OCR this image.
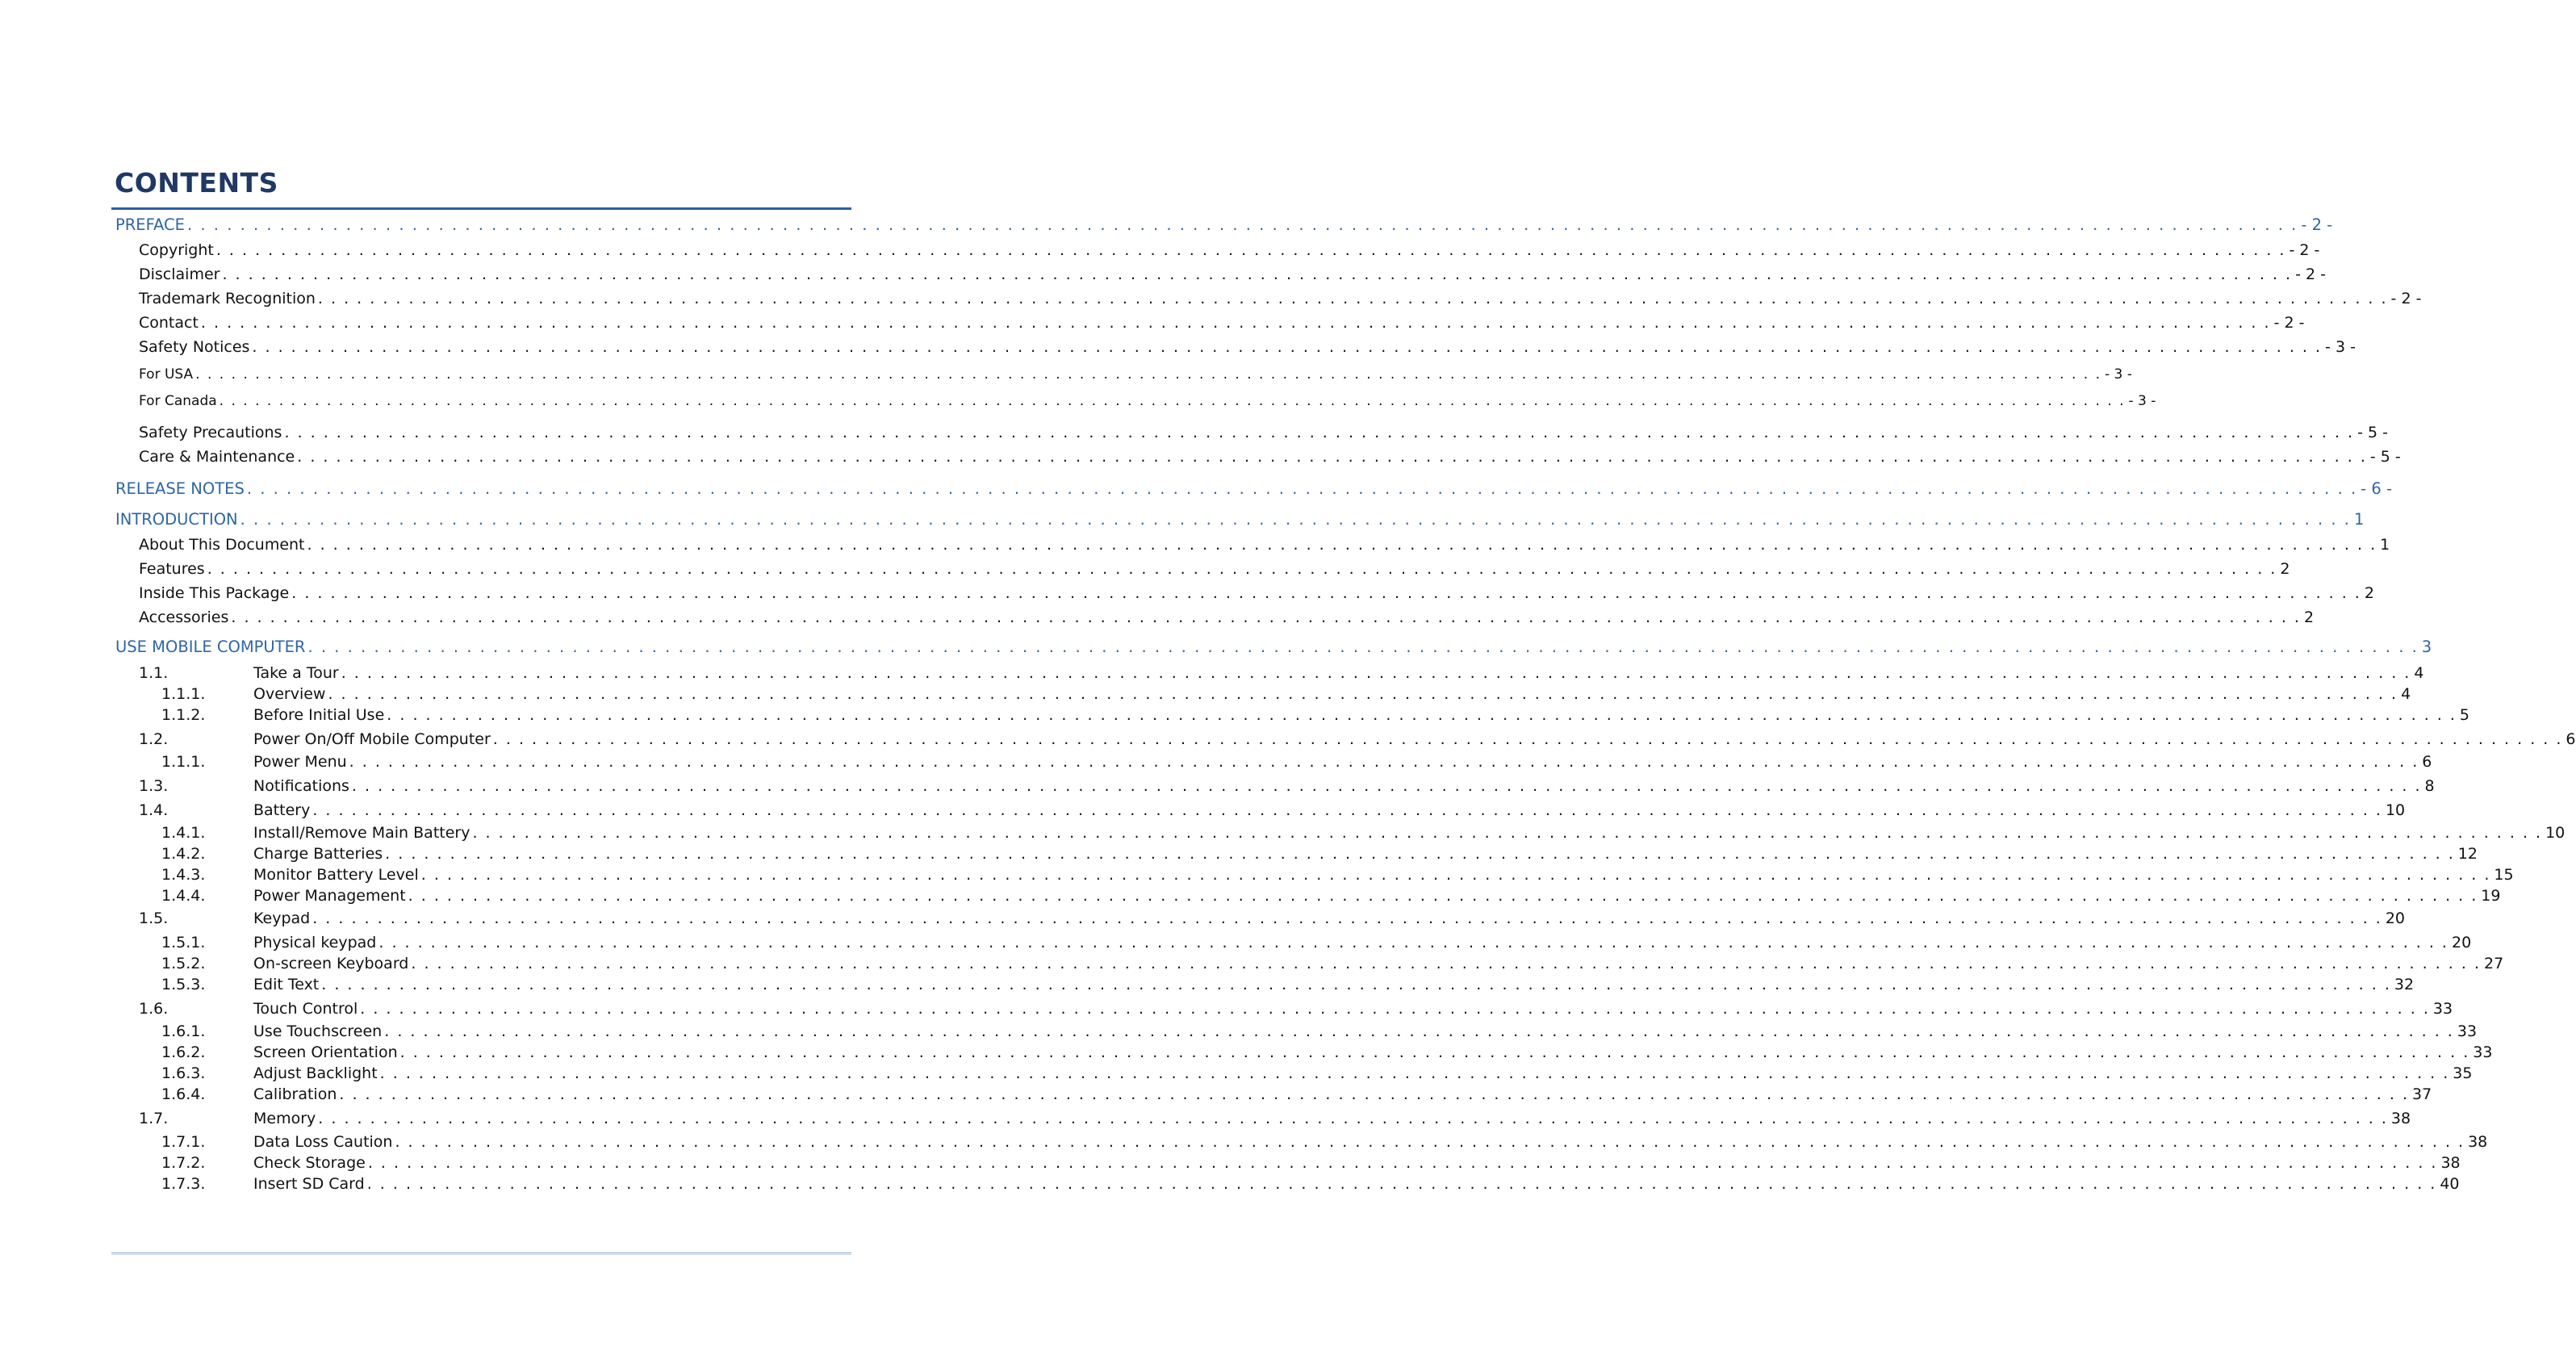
CONTENTS
PREFACE . . . . . . . . . . . . . . . . . . . . . . . . . . . . . . . . . . . . . . . . . . . . . . . . . . . . . . . . . . . . . . . . . . . . . . . . . . . . . . . . . . . . . . . . . . . . . . . . . . . . . . . . . . . . . . . . . . . . . . . . . . . . . . . . . . . . . . . . . . . . . . . . . . . . . . . . . . . . . . . . - 2 -
Copyright . . . . . . . . . . . . . . . . . . . . . . . . . . . . . . . . . . . . . . . . . . . . . . . . . . . . . . . . . . . . . . . . . . . . . . . . . . . . . . . . . . . . . . . . . . . . . . . . . . . . . . . . . . . . . . . . . . . . . . . . . . . . . . . . . . . . . . . . . . . . . . . . . . . . . . . . . . . . . . . . - 2 -
Disclaimer . . . . . . . . . . . . . . . . . . . . . . . . . . . . . . . . . . . . . . . . . . . . . . . . . . . . . . . . . . . . . . . . . . . . . . . . . . . . . . . . . . . . . . . . . . . . . . . . . . . . . . . . . . . . . . . . . . . . . . . . . . . . . . . . . . . . . . . . . . . . . . . . . . . . . . . . . . . . . . . . - 2 -
Trademark Recognition . . . . . . . . . . . . . . . . . . . . . . . . . . . . . . . . . . . . . . . . . . . . . . . . . . . . . . . . . . . . . . . . . . . . . . . . . . . . . . . . . . . . . . . . . . . . . . . . . . . . . . . . . . . . . . . . . . . . . . . . . . . . . . . . . . . . . . . . . . . . . . . . . . . . . . . . . . . . . . . . - 2 -
Contact . . . . . . . . . . . . . . . . . . . . . . . . . . . . . . . . . . . . . . . . . . . . . . . . . . . . . . . . . . . . . . . . . . . . . . . . . . . . . . . . . . . . . . . . . . . . . . . . . . . . . . . . . . . . . . . . . . . . . . . . . . . . . . . . . . . . . . . . . . . . . . . . . . . . . . . . . . . . . . . . - 2 -
Safety Notices . . . . . . . . . . . . . . . . . . . . . . . . . . . . . . . . . . . . . . . . . . . . . . . . . . . . . . . . . . . . . . . . . . . . . . . . . . . . . . . . . . . . . . . . . . . . . . . . . . . . . . . . . . . . . . . . . . . . . . . . . . . . . . . . . . . . . . . . . . . . . . . . . . . . . . . . . . . . . . . . - 3 -
For USA . . . . . . . . . . . . . . . . . . . . . . . . . . . . . . . . . . . . . . . . . . . . . . . . . . . . . . . . . . . . . . . . . . . . . . . . . . . . . . . . . . . . . . . . . . . . . . . . . . . . . . . . . . . . . . . . . . . . . . . . . . . . . . . . . . . . . . . . . . . . . . . . . . . . . . . . . . . . . . . . - 3 -
For Canada . . . . . . . . . . . . . . . . . . . . . . . . . . . . . . . . . . . . . . . . . . . . . . . . . . . . . . . . . . . . . . . . . . . . . . . . . . . . . . . . . . . . . . . . . . . . . . . . . . . . . . . . . . . . . . . . . . . . . . . . . . . . . . . . . . . . . . . . . . . . . . . . . . . . . . . . . . . . . . . . - 3 -
Safety Precautions . . . . . . . . . . . . . . . . . . . . . . . . . . . . . . . . . . . . . . . . . . . . . . . . . . . . . . . . . . . . . . . . . . . . . . . . . . . . . . . . . . . . . . . . . . . . . . . . . . . . . . . . . . . . . . . . . . . . . . . . . . . . . . . . . . . . . . . . . . . . . . . . . . . . . . . . . . . . . . . . - 5 -
Care & Maintenance . . . . . . . . . . . . . . . . . . . . . . . . . . . . . . . . . . . . . . . . . . . . . . . . . . . . . . . . . . . . . . . . . . . . . . . . . . . . . . . . . . . . . . . . . . . . . . . . . . . . . . . . . . . . . . . . . . . . . . . . . . . . . . . . . . . . . . . . . . . . . . . . . . . . . . . . . . . . . . . . - 5 -
RELEASE NOTES . . . . . . . . . . . . . . . . . . . . . . . . . . . . . . . . . . . . . . . . . . . . . . . . . . . . . . . . . . . . . . . . . . . . . . . . . . . . . . . . . . . . . . . . . . . . . . . . . . . . . . . . . . . . . . . . . . . . . . . . . . . . . . . . . . . . . . . . . . . . . . . . . . . . . . . . . . . . . . . . - 6 -
INTRODUCTION . . . . . . . . . . . . . . . . . . . . . . . . . . . . . . . . . . . . . . . . . . . . . . . . . . . . . . . . . . . . . . . . . . . . . . . . . . . . . . . . . . . . . . . . . . . . . . . . . . . . . . . . . . . . . . . . . . . . . . . . . . . . . . . . . . . . . . . . . . . . . . . . . . . . . . . . . . . . . . . . 1
About This Document . . . . . . . . . . . . . . . . . . . . . . . . . . . . . . . . . . . . . . . . . . . . . . . . . . . . . . . . . . . . . . . . . . . . . . . . . . . . . . . . . . . . . . . . . . . . . . . . . . . . . . . . . . . . . . . . . . . . . . . . . . . . . . . . . . . . . . . . . . . . . . . . . . . . . . . . . . . . . . . . 1
Features . . . . . . . . . . . . . . . . . . . . . . . . . . . . . . . . . . . . . . . . . . . . . . . . . . . . . . . . . . . . . . . . . . . . . . . . . . . . . . . . . . . . . . . . . . . . . . . . . . . . . . . . . . . . . . . . . . . . . . . . . . . . . . . . . . . . . . . . . . . . . . . . . . . . . . . . . . . . . . . . 2
Inside This Package . . . . . . . . . . . . . . . . . . . . . . . . . . . . . . . . . . . . . . . . . . . . . . . . . . . . . . . . . . . . . . . . . . . . . . . . . . . . . . . . . . . . . . . . . . . . . . . . . . . . . . . . . . . . . . . . . . . . . . . . . . . . . . . . . . . . . . . . . . . . . . . . . . . . . . . . . . . . . . . . 2
Accessories . . . . . . . . . . . . . . . . . . . . . . . . . . . . . . . . . . . . . . . . . . . . . . . . . . . . . . . . . . . . . . . . . . . . . . . . . . . . . . . . . . . . . . . . . . . . . . . . . . . . . . . . . . . . . . . . . . . . . . . . . . . . . . . . . . . . . . . . . . . . . . . . . . . . . . . . . . . . . . . . 2
USE MOBILE COMPUTER . . . . . . . . . . . . . . . . . . . . . . . . . . . . . . . . . . . . . . . . . . . . . . . . . . . . . . . . . . . . . . . . . . . . . . . . . . . . . . . . . . . . . . . . . . . . . . . . . . . . . . . . . . . . . . . . . . . . . . . . . . . . . . . . . . . . . . . . . . . . . . . . . . . . . . . . . . . . . . . . 3
1.1.	Take a Tour . . . . . . . . . . . . . . . . . . . . . . . . . . . . . . . . . . . . . . . . . . . . . . . . . . . . . . . . . . . . . . . . . . . . . . . . . . . . . . . . . . . . . . . . . . . . . . . . . . . . . . . . . . . . . . . . . . . . . . . . . . . . . . . . . . . . . . . . . . . . . . . . . . . . . . . . . . . . . . . . 4
1.1.1.	Overview . . . . . . . . . . . . . . . . . . . . . . . . . . . . . . . . . . . . . . . . . . . . . . . . . . . . . . . . . . . . . . . . . . . . . . . . . . . . . . . . . . . . . . . . . . . . . . . . . . . . . . . . . . . . . . . . . . . . . . . . . . . . . . . . . . . . . . . . . . . . . . . . . . . . . . . . . . . . . . . . 4
1.1.2.	Before Initial Use . . . . . . . . . . . . . . . . . . . . . . . . . . . . . . . . . . . . . . . . . . . . . . . . . . . . . . . . . . . . . . . . . . . . . . . . . . . . . . . . . . . . . . . . . . . . . . . . . . . . . . . . . . . . . . . . . . . . . . . . . . . . . . . . . . . . . . . . . . . . . . . . . . . . . . . . . . . . . . . . 5
1.2.	Power On/Off Mobile Computer . . . . . . . . . . . . . . . . . . . . . . . . . . . . . . . . . . . . . . . . . . . . . . . . . . . . . . . . . . . . . . . . . . . . . . . . . . . . . . . . . . . . . . . . . . . . . . . . . . . . . . . . . . . . . . . . . . . . . . . . . . . . . . . . . . . . . . . . . . . . . . . . . . . . . . . . . . . . . . . . 6
1.1.1.	Power Menu . . . . . . . . . . . . . . . . . . . . . . . . . . . . . . . . . . . . . . . . . . . . . . . . . . . . . . . . . . . . . . . . . . . . . . . . . . . . . . . . . . . . . . . . . . . . . . . . . . . . . . . . . . . . . . . . . . . . . . . . . . . . . . . . . . . . . . . . . . . . . . . . . . . . . . . . . . . . . . . . 6
1.3.	Notifications . . . . . . . . . . . . . . . . . . . . . . . . . . . . . . . . . . . . . . . . . . . . . . . . . . . . . . . . . . . . . . . . . . . . . . . . . . . . . . . . . . . . . . . . . . . . . . . . . . . . . . . . . . . . . . . . . . . . . . . . . . . . . . . . . . . . . . . . . . . . . . . . . . . . . . . . . . . . . . . . 8
1.4.	Battery . . . . . . . . . . . . . . . . . . . . . . . . . . . . . . . . . . . . . . . . . . . . . . . . . . . . . . . . . . . . . . . . . . . . . . . . . . . . . . . . . . . . . . . . . . . . . . . . . . . . . . . . . . . . . . . . . . . . . . . . . . . . . . . . . . . . . . . . . . . . . . . . . . . . . . . . . . . . . . . . 10
1.4.1.	Install/Remove Main Battery . . . . . . . . . . . . . . . . . . . . . . . . . . . . . . . . . . . . . . . . . . . . . . . . . . . . . . . . . . . . . . . . . . . . . . . . . . . . . . . . . . . . . . . . . . . . . . . . . . . . . . . . . . . . . . . . . . . . . . . . . . . . . . . . . . . . . . . . . . . . . . . . . . . . . . . . . . . . . . . . 10
1.4.2.	Charge Batteries . . . . . . . . . . . . . . . . . . . . . . . . . . . . . . . . . . . . . . . . . . . . . . . . . . . . . . . . . . . . . . . . . . . . . . . . . . . . . . . . . . . . . . . . . . . . . . . . . . . . . . . . . . . . . . . . . . . . . . . . . . . . . . . . . . . . . . . . . . . . . . . . . . . . . . . . . . . . . . . . 12
1.4.3.	Monitor Battery Level . . . . . . . . . . . . . . . . . . . . . . . . . . . . . . . . . . . . . . . . . . . . . . . . . . . . . . . . . . . . . . . . . . . . . . . . . . . . . . . . . . . . . . . . . . . . . . . . . . . . . . . . . . . . . . . . . . . . . . . . . . . . . . . . . . . . . . . . . . . . . . . . . . . . . . . . . . . . . . . . 15
1.4.4.	Power Management . . . . . . . . . . . . . . . . . . . . . . . . . . . . . . . . . . . . . . . . . . . . . . . . . . . . . . . . . . . . . . . . . . . . . . . . . . . . . . . . . . . . . . . . . . . . . . . . . . . . . . . . . . . . . . . . . . . . . . . . . . . . . . . . . . . . . . . . . . . . . . . . . . . . . . . . . . . . . . . . 19
1.5.	Keypad . . . . . . . . . . . . . . . . . . . . . . . . . . . . . . . . . . . . . . . . . . . . . . . . . . . . . . . . . . . . . . . . . . . . . . . . . . . . . . . . . . . . . . . . . . . . . . . . . . . . . . . . . . . . . . . . . . . . . . . . . . . . . . . . . . . . . . . . . . . . . . . . . . . . . . . . . . . . . . . . 20
1.5.1.	Physical keypad . . . . . . . . . . . . . . . . . . . . . . . . . . . . . . . . . . . . . . . . . . . . . . . . . . . . . . . . . . . . . . . . . . . . . . . . . . . . . . . . . . . . . . . . . . . . . . . . . . . . . . . . . . . . . . . . . . . . . . . . . . . . . . . . . . . . . . . . . . . . . . . . . . . . . . . . . . . . . . . . 20
1.5.2.	On-screen Keyboard . . . . . . . . . . . . . . . . . . . . . . . . . . . . . . . . . . . . . . . . . . . . . . . . . . . . . . . . . . . . . . . . . . . . . . . . . . . . . . . . . . . . . . . . . . . . . . . . . . . . . . . . . . . . . . . . . . . . . . . . . . . . . . . . . . . . . . . . . . . . . . . . . . . . . . . . . . . . . . . . 27
1.5.3.	Edit Text . . . . . . . . . . . . . . . . . . . . . . . . . . . . . . . . . . . . . . . . . . . . . . . . . . . . . . . . . . . . . . . . . . . . . . . . . . . . . . . . . . . . . . . . . . . . . . . . . . . . . . . . . . . . . . . . . . . . . . . . . . . . . . . . . . . . . . . . . . . . . . . . . . . . . . . . . . . . . . . . 32
1.6.	Touch Control . . . . . . . . . . . . . . . . . . . . . . . . . . . . . . . . . . . . . . . . . . . . . . . . . . . . . . . . . . . . . . . . . . . . . . . . . . . . . . . . . . . . . . . . . . . . . . . . . . . . . . . . . . . . . . . . . . . . . . . . . . . . . . . . . . . . . . . . . . . . . . . . . . . . . . . . . . . . . . . . 33
1.6.1.	Use Touchscreen . . . . . . . . . . . . . . . . . . . . . . . . . . . . . . . . . . . . . . . . . . . . . . . . . . . . . . . . . . . . . . . . . . . . . . . . . . . . . . . . . . . . . . . . . . . . . . . . . . . . . . . . . . . . . . . . . . . . . . . . . . . . . . . . . . . . . . . . . . . . . . . . . . . . . . . . . . . . . . . . 33
1.6.2.	Screen Orientation . . . . . . . . . . . . . . . . . . . . . . . . . . . . . . . . . . . . . . . . . . . . . . . . . . . . . . . . . . . . . . . . . . . . . . . . . . . . . . . . . . . . . . . . . . . . . . . . . . . . . . . . . . . . . . . . . . . . . . . . . . . . . . . . . . . . . . . . . . . . . . . . . . . . . . . . . . . . . . . . 33
1.6.3.	Adjust Backlight . . . . . . . . . . . . . . . . . . . . . . . . . . . . . . . . . . . . . . . . . . . . . . . . . . . . . . . . . . . . . . . . . . . . . . . . . . . . . . . . . . . . . . . . . . . . . . . . . . . . . . . . . . . . . . . . . . . . . . . . . . . . . . . . . . . . . . . . . . . . . . . . . . . . . . . . . . . . . . . . 35
1.6.4.	Calibration . . . . . . . . . . . . . . . . . . . . . . . . . . . . . . . . . . . . . . . . . . . . . . . . . . . . . . . . . . . . . . . . . . . . . . . . . . . . . . . . . . . . . . . . . . . . . . . . . . . . . . . . . . . . . . . . . . . . . . . . . . . . . . . . . . . . . . . . . . . . . . . . . . . . . . . . . . . . . . . . 37
1.7.	Memory . . . . . . . . . . . . . . . . . . . . . . . . . . . . . . . . . . . . . . . . . . . . . . . . . . . . . . . . . . . . . . . . . . . . . . . . . . . . . . . . . . . . . . . . . . . . . . . . . . . . . . . . . . . . . . . . . . . . . . . . . . . . . . . . . . . . . . . . . . . . . . . . . . . . . . . . . . . . . . . . 38
1.7.1.	Data Loss Caution . . . . . . . . . . . . . . . . . . . . . . . . . . . . . . . . . . . . . . . . . . . . . . . . . . . . . . . . . . . . . . . . . . . . . . . . . . . . . . . . . . . . . . . . . . . . . . . . . . . . . . . . . . . . . . . . . . . . . . . . . . . . . . . . . . . . . . . . . . . . . . . . . . . . . . . . . . . . . . . . 38
1.7.2.	Check Storage . . . . . . . . . . . . . . . . . . . . . . . . . . . . . . . . . . . . . . . . . . . . . . . . . . . . . . . . . . . . . . . . . . . . . . . . . . . . . . . . . . . . . . . . . . . . . . . . . . . . . . . . . . . . . . . . . . . . . . . . . . . . . . . . . . . . . . . . . . . . . . . . . . . . . . . . . . . . . . . . 38
1.7.3.	Insert SD Card . . . . . . . . . . . . . . . . . . . . . . . . . . . . . . . . . . . . . . . . . . . . . . . . . . . . . . . . . . . . . . . . . . . . . . . . . . . . . . . . . . . . . . . . . . . . . . . . . . . . . . . . . . . . . . . . . . . . . . . . . . . . . . . . . . . . . . . . . . . . . . . . . . . . . . . . . . . . . . . . 40
